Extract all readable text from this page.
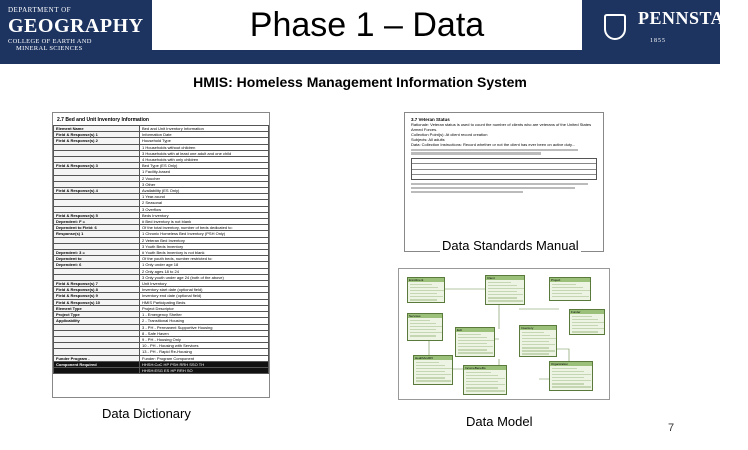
DEPARTMENT OF
GEOGRAPHY
COLLEGE OF EARTH AND
MINERAL SCIENCES
Phase 1 – Data	PENNSTATE
1855
HMIS: Homeless Management Information System
2.7 Bed and Unit Inventory Information
Element Name	Bed and Unit Inventory Information
Field & Response(s) 1	Information Date
Field & Response(s) 2	Household Type
	1 Households without children
	3 Households with at least one adult and one child
	4 Households with only children
Field & Response(s) 3	Bed Type (ES Only)
	1 Facility-based
	2 Voucher
	3 Other
Field & Response(s) 4	Availability (ES Only)
	1 Year-round
	2 Seasonal
	3 Overflow
Field & Response(s) 5	Beds Inventory
Dependent: F =	# Bed inventory is not blank
Dependent to Field: 6	Of the total inventory, number of beds dedicated to:
Response(s) 1	1 Chronic Homeless Bed Inventory (PSH Only)
	2 Veteran Bed Inventory
	3 Youth Beds Inventory
Dependent: 3 =	# Youth Beds Inventory is not blank
Dependent to	Of the youth beds, number restricted to:
Dependent: 6	1 Only under age 18
	2 Only ages 18 to 24
	3 Only youth under age 24 (both of the above)
Field & Response(s) 7	Unit Inventory
Field & Response(s) 8	Inventory start date (optional field)
Field & Response(s) 9	Inventory end date (optional field)
Field & Response(s) 10	HMIS Participating Beds
Element Type	Project Descriptor
Project Type	1 - Emergency Shelter
Applicability	2 - Transitional Housing
	3 - PH - Permanent Supportive Housing
	8 - Safe Haven
	9 - PH - Housing Only
	10 - PH - Housing with Services
	13 - PH - Rapid Re-Housing
Funder Program -	Funder: Program Component
Component Required	HHSH:CoC HP PSH RRH SSO TH
	HHSH:ESG ES HP RRH SO
Data Dictionary
3.7 Veteran Status
Rationale: Veteran status is used to count the number of clients who are veterans of the United States
Armed Forces.
Collection Point(s): At client record creation
Subjects: All adults
Data: Collection Instructions: Record whether or not the client has ever been on active duty...
Data Standards Manual
Enrollment	Client	Project
Funder
Services
Exit	Inventory
Organization
HealthAndDV
IncomeBenefits
Data Model	7
